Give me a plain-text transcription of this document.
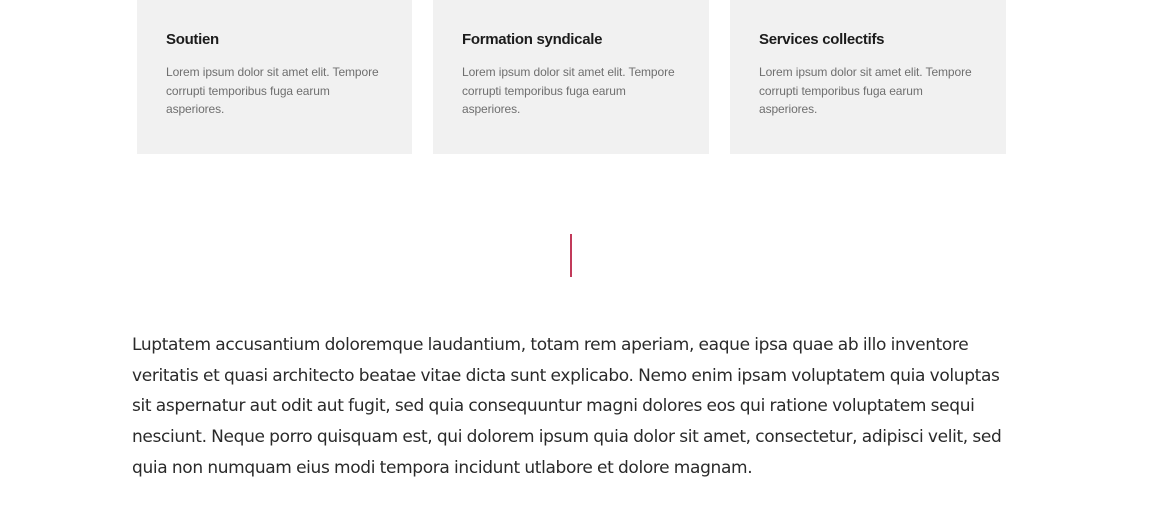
Soutien

Lorem ipsum dolor sit amet elit. Tempore corrupti temporibus fuga earum asperiores.

Formation syndicale

Lorem ipsum dolor sit amet elit. Tempore corrupti temporibus fuga earum asperiores.

Services collectifs

Lorem ipsum dolor sit amet elit. Tempore corrupti temporibus fuga earum asperiores.

Luptatem accusantium doloremque laudantium, totam rem aperiam, eaque ipsa quae ab illo inventore veritatis et quasi architecto beatae vitae dicta sunt explicabo. Nemo enim ipsam voluptatem quia voluptas sit aspernatur aut odit aut fugit, sed quia consequuntur magni dolores eos qui ratione voluptatem sequi nesciunt. Neque porro quisquam est, qui dolorem ipsum quia dolor sit amet, consectetur, adipisci velit, sed quia non numquam eius modi tempora incidunt utlabore et dolore magnam.
